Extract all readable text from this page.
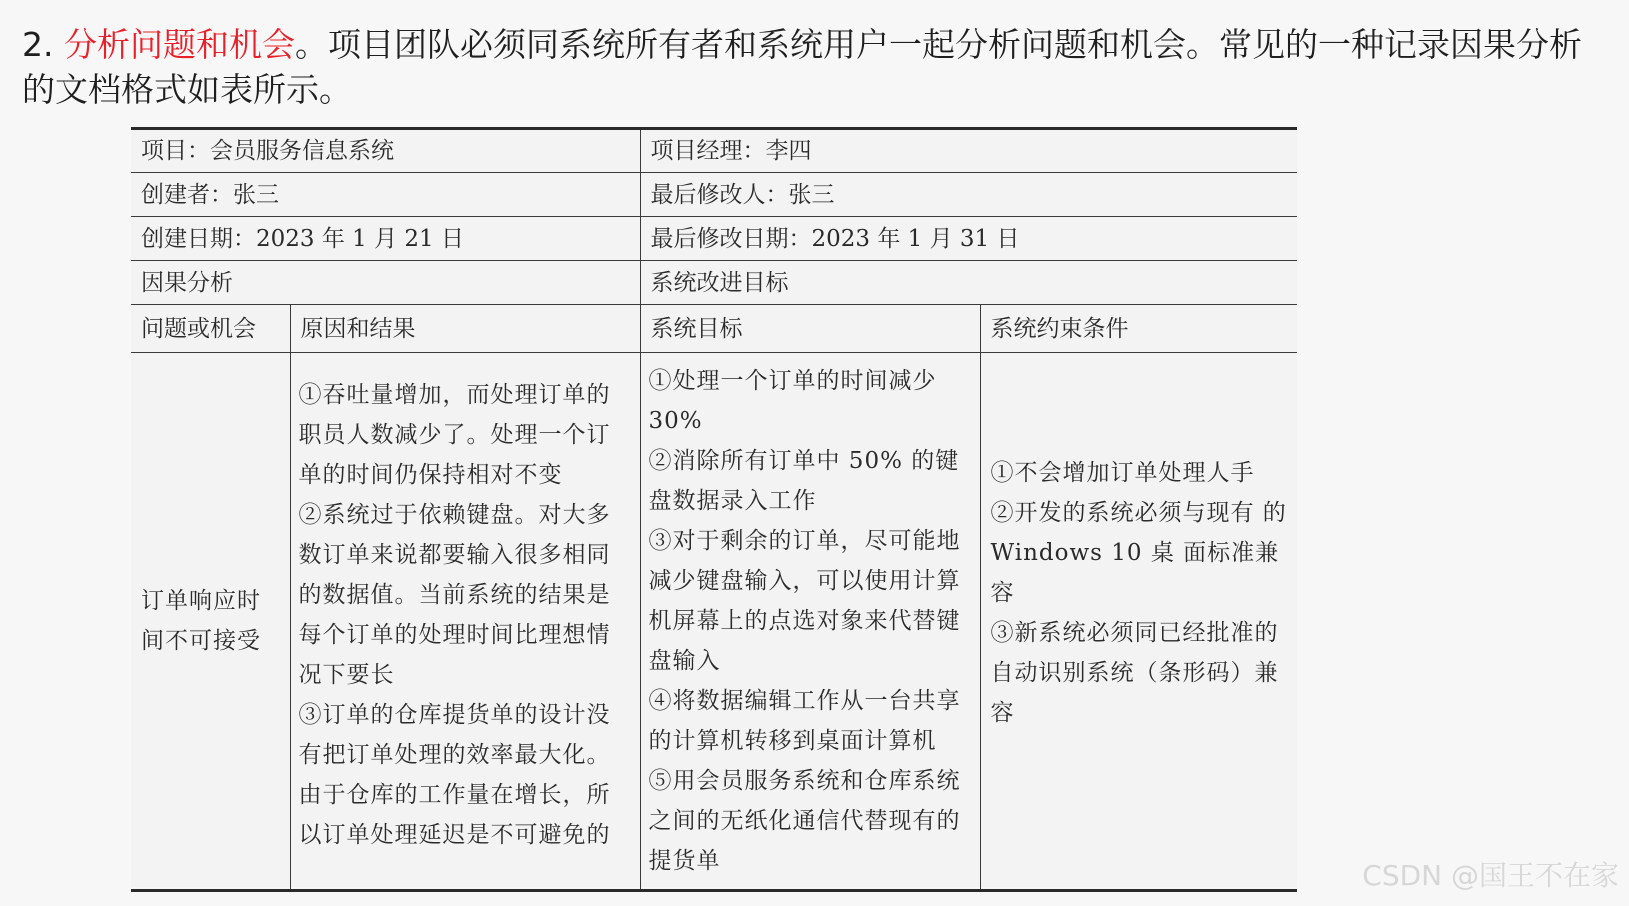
2. 分析问题和机会。项目团队必须同系统所有者和系统用户一起分析问题和机会。常见的一种记录因果分析的文档格式如表所示。
项目：会员服务信息系统		项目经理：李四	
创建者：张三		最后修改人：张三	
创建日期：2023 年 1 月 21 日		最后修改日期：2023 年 1 月 31 日	
因果分析		系统改进目标	
问题或机会	原因和结果	系统目标	系统约束条件
订单响应时间不可接受	①吞吐量增加，而处理订单的职员人数减少了。处理一个订单的时间仍保持相对不变
②系统过于依赖键盘。对大多数订单来说都要输入很多相同的数据值。当前系统的结果是每个订单的处理时间比理想情况下要长
③订单的仓库提货单的设计没有把订单处理的效率最大化。由于仓库的工作量在增长，所以订单处理延迟是不可避免的	①处理一个订单的时间减少30%
②消除所有订单中 50% 的键盘数据录入工作
③对于剩余的订单，尽可能地减少键盘输入，可以使用计算机屏幕上的点选对象来代替键盘输入
④将数据编辑工作从一台共享的计算机转移到桌面计算机
⑤用会员服务系统和仓库系统之间的无纸化通信代替现有的提货单	①不会增加订单处理人手
②开发的系统必须与现有 的 Windows 10 桌 面标准兼容
③新系统必须同已经批准的自动识别系统（条形码）兼容
CSDN @国王不在家
